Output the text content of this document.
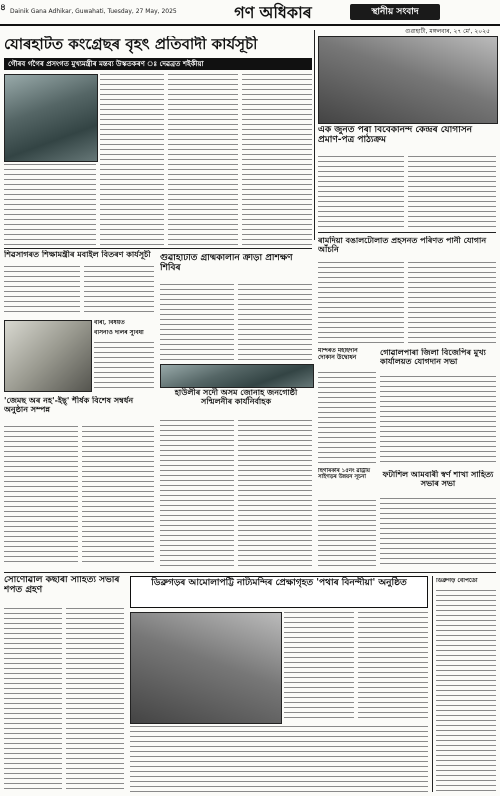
৪ Dainik Gana Adhikar, Guwahati, Tuesday, 27 May, 2025	গণ অধিকাৰ	স্থানীয় সংবাদ
গুৱাহাটী, মঙ্গলবাৰ, ২৭ মে', ২০২৫
যোৰহাটত কংগ্ৰেছৰ বৃহৎ প্ৰতিবাদী কাৰ্যসূচী
গৌৰব গগৈৰ প্ৰসংগত মুখ্যমন্ত্ৰীৰ মন্তব্য উস্কতকৰণ ঃ দেৱব্ৰত শইকীয়া
এক জুনত পৰা বিবেকানন্দ কেন্দ্ৰৰ যোগাসন প্ৰমাণ-পত্ৰ পাঠ্যক্ৰম
শিৱসাগৰত শিক্ষামন্ত্ৰীৰ মবাইল বিতৰণ কাৰ্যসূচী	গুৱাহাটীত গ্ৰীষ্মকালীন ক্ৰীড়া প্ৰশিক্ষণ শিবিৰ
ৰামদিয়া বঙালটোলাত প্ৰহসনত পৰিণত পানী যোগান আঁচনি
বাৰী, বিষয়ত
বাসনাও দলিৰ সুবিধা
হাউলীৰ সদৌ অসম জোনাহ জনগোষ্ঠী সন্মিলনীৰ কাৰ্যনিৰ্বাহক
'জেমছ অৰ নহ'-ইছ্' শীৰ্ষক বিশেষ সম্বৰ্ধন অনুষ্ঠান সম্পন্ন
মন্দিৰত মহাইদান দোকান উদ্বোধন
গোৱালপাৰা জিলা বিজেপিৰ মুখ্য কাৰ্যালয়ত যোগদান সভা
ছিগাৰকাৰ ১৫নং ৱাৰ্ড্ৰীয় সাইগড়ৰ উন্নয়ন সূচনা	ফটাশিল আমবাৰী স্বৰ্ণ শাখা সাহিত্য সভাৰ সভা
সোণোৱাল কছাৰী সাহিত্য সভাৰ শপত গ্ৰহণ
ডিব্ৰুগড়ৰ আমোলাপট্টি নাট্যমন্দিৰ প্ৰেক্ষাগৃহত 'পথাৰ বিনন্দীয়া' অনুষ্ঠিত	ডিব্ৰুগড় বেপিডো
